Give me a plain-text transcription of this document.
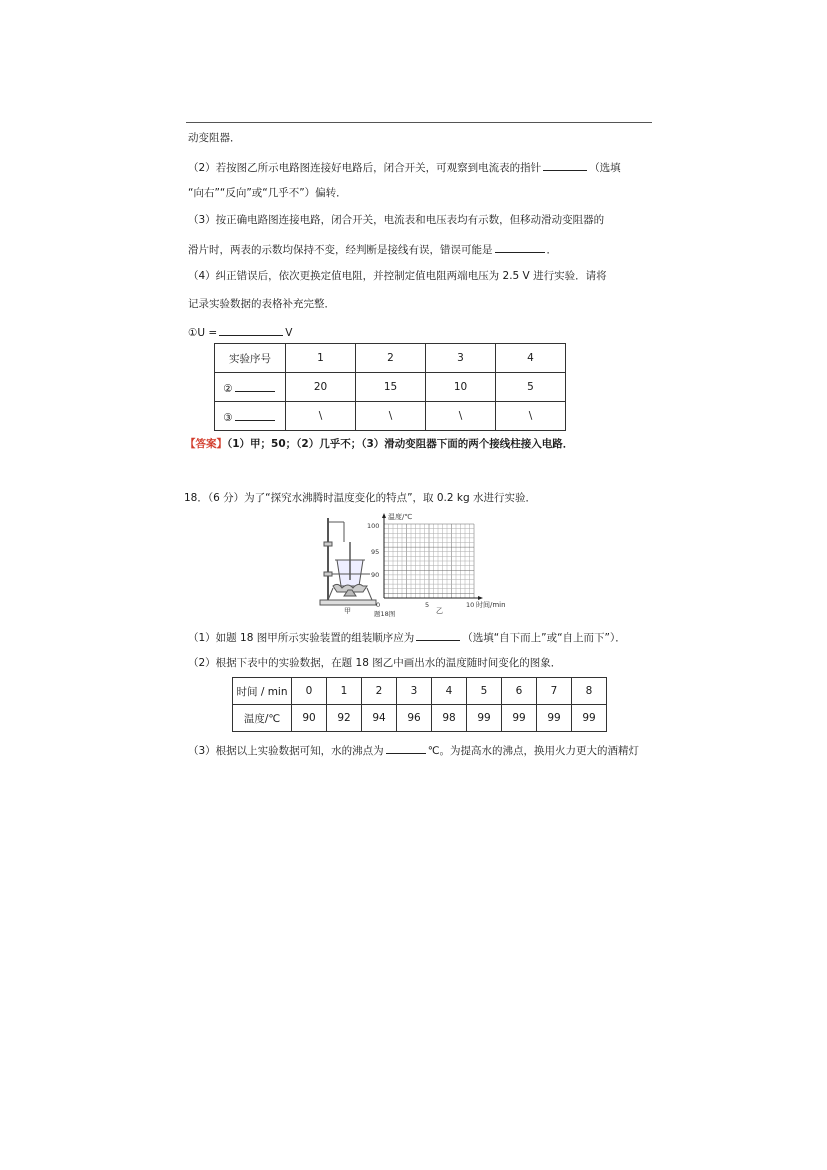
动变阻器．
（2）若按图乙所示电路图连接好电路后，闭合开关，可观察到电流表的指针	（选填
“向右”“反向”或“几乎不”）偏转．
（3）按正确电路图连接电路，闭合开关，电流表和电压表均有示数，但移动滑动变阻器的
滑片时，两表的示数均保持不变，经判断是接线有误，错误可能是	．
（4）纠正错误后，依次更换定值电阻，并控制定值电阻两端电压为 2.5 V 进行实验．请将
记录实验数据的表格补充完整．
①U =	V
实验序号	1	2	3	4
②	20	15	10	5
③	\	\	\	\
【答案】（1）甲；50；（2）几乎不；（3）滑动变阻器下面的两个接线柱接入电路．
18．（6 分）为了“探究水沸腾时温度变化的特点”，取 0.2 kg 水进行实验．
甲
温度/℃
100
95
90
0	5	10 时间/min
乙
题18图
（1）如题 18 图甲所示实验装置的组装顺序应为	（选填“自下而上”或“自上而下”）．
（2）根据下表中的实验数据，在题 18 图乙中画出水的温度随时间变化的图象．
时间 / min	0	1	2	3	4	5	6	7	8
温度/℃	90	92	94	96	98	99	99	99	99
（3）根据以上实验数据可知，水的沸点为	℃。为提高水的沸点，换用火力更大的酒精灯
